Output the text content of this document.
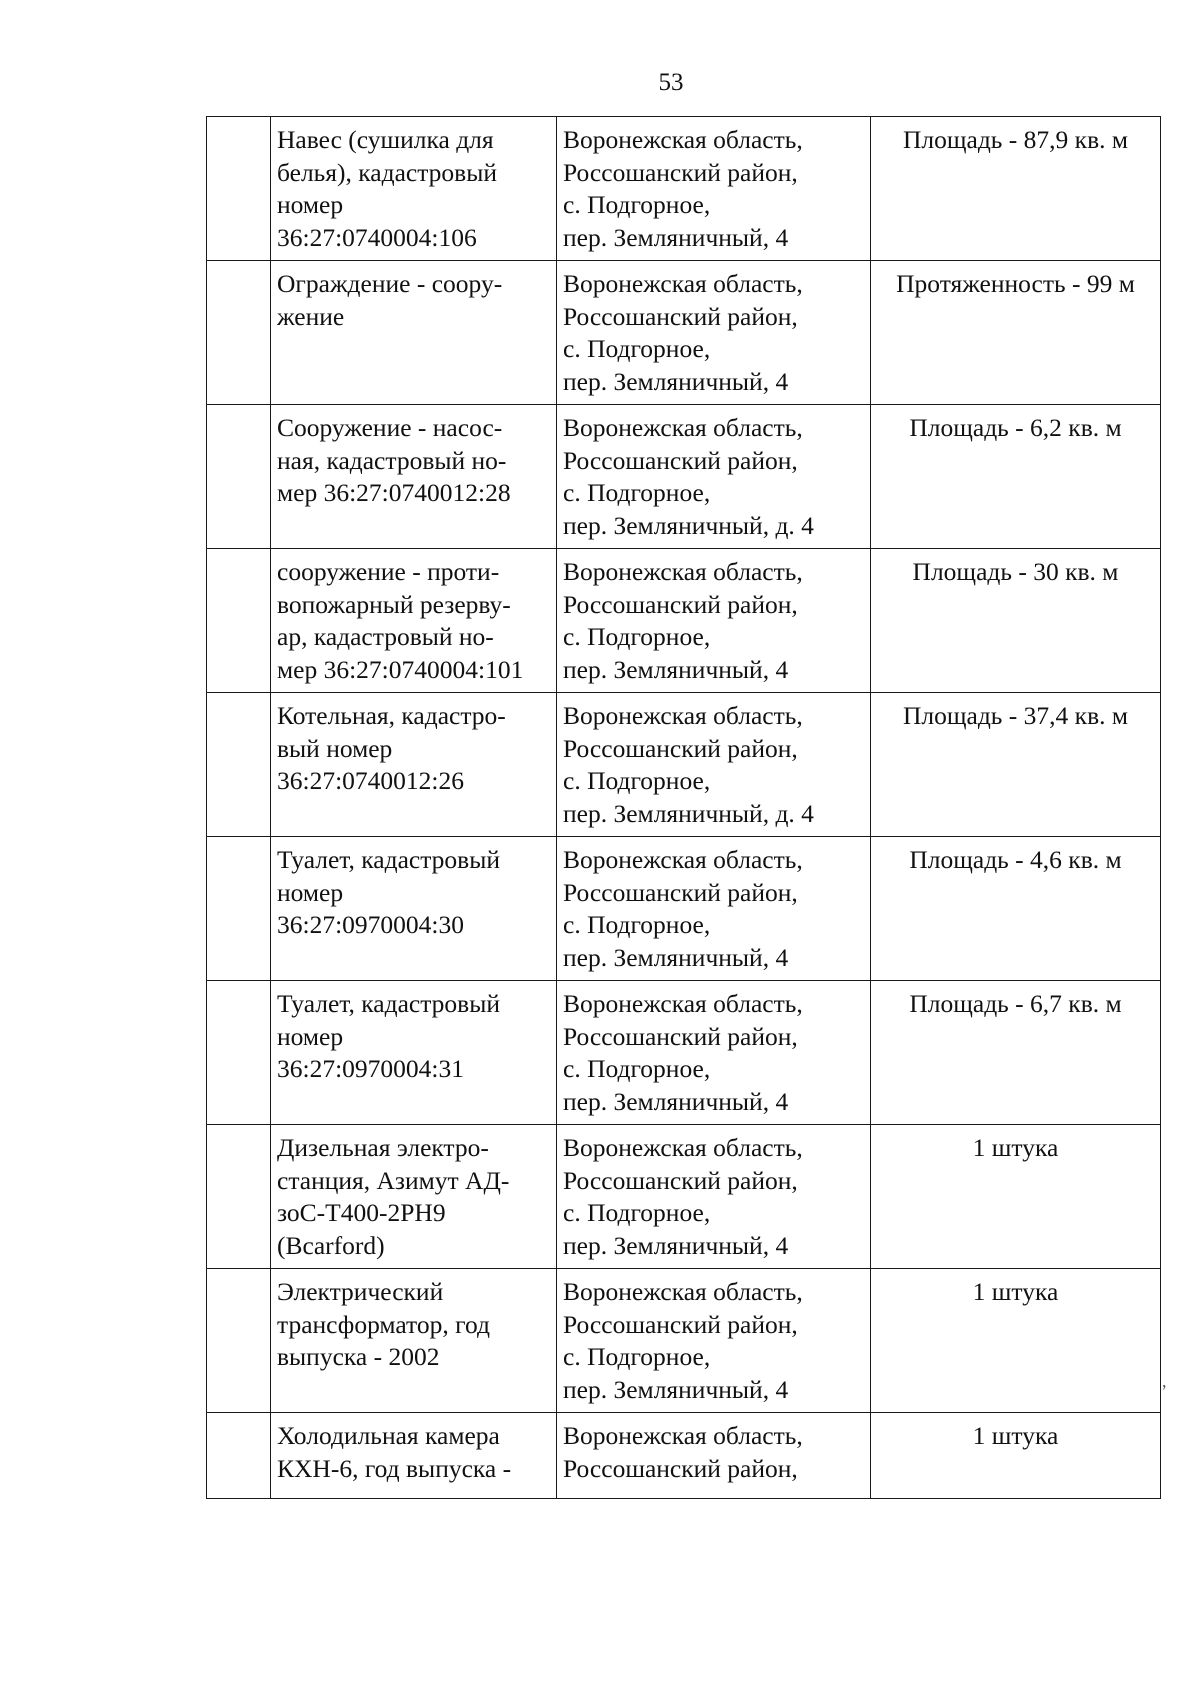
53

	Навес (сушилка для
белья), кадастровый
номер
36:27:0740004:106	Воронежская область,
Россошанский район,
с. Подгорное,
пер. Земляничный, 4	Площадь - 87,9 кв. м

	Ограждение - соору-
жение	Воронежская область,
Россошанский район,
с. Подгорное,
пер. Земляничный, 4	Протяженность - 99 м

	Сооружение - насос-
ная, кадастровый но-
мер 36:27:0740012:28	Воронежская область,
Россошанский район,
с. Подгорное,
пер. Земляничный, д. 4	Площадь - 6,2 кв. м

	сооружение - проти-
вопожарный резерву-
ар, кадастровый но-
мер 36:27:0740004:101	Воронежская область,
Россошанский район,
с. Подгорное,
пер. Земляничный, 4	Площадь - 30 кв. м

	Котельная, кадастро-
вый номер
36:27:0740012:26	Воронежская область,
Россошанский район,
с. Подгорное,
пер. Земляничный, д. 4	Площадь - 37,4 кв. м

	Туалет, кадастровый
номер
36:27:0970004:30	Воронежская область,
Россошанский район,
с. Подгорное,
пер. Земляничный, 4	Площадь - 4,6 кв. м

	Туалет, кадастровый
номер
36:27:0970004:31	Воронежская область,
Россошанский район,
с. Подгорное,
пер. Земляничный, 4	Площадь - 6,7 кв. м

	Дизельная электро-
станция, Азимут АД-
зоС-Т400-2РН9
(Bcarford)	Воронежская область,
Россошанский район,
с. Подгорное,
пер. Земляничный, 4	1 штука

	Электрический
трансформатор, год
выпуска - 2002	Воронежская область,
Россошанский район,
с. Подгорное,
пер. Земляничный, 4	1 штука

	Холодильная камера
КХН-6, год выпуска -	Воронежская область,
Россошанский район,	1 штука
,
